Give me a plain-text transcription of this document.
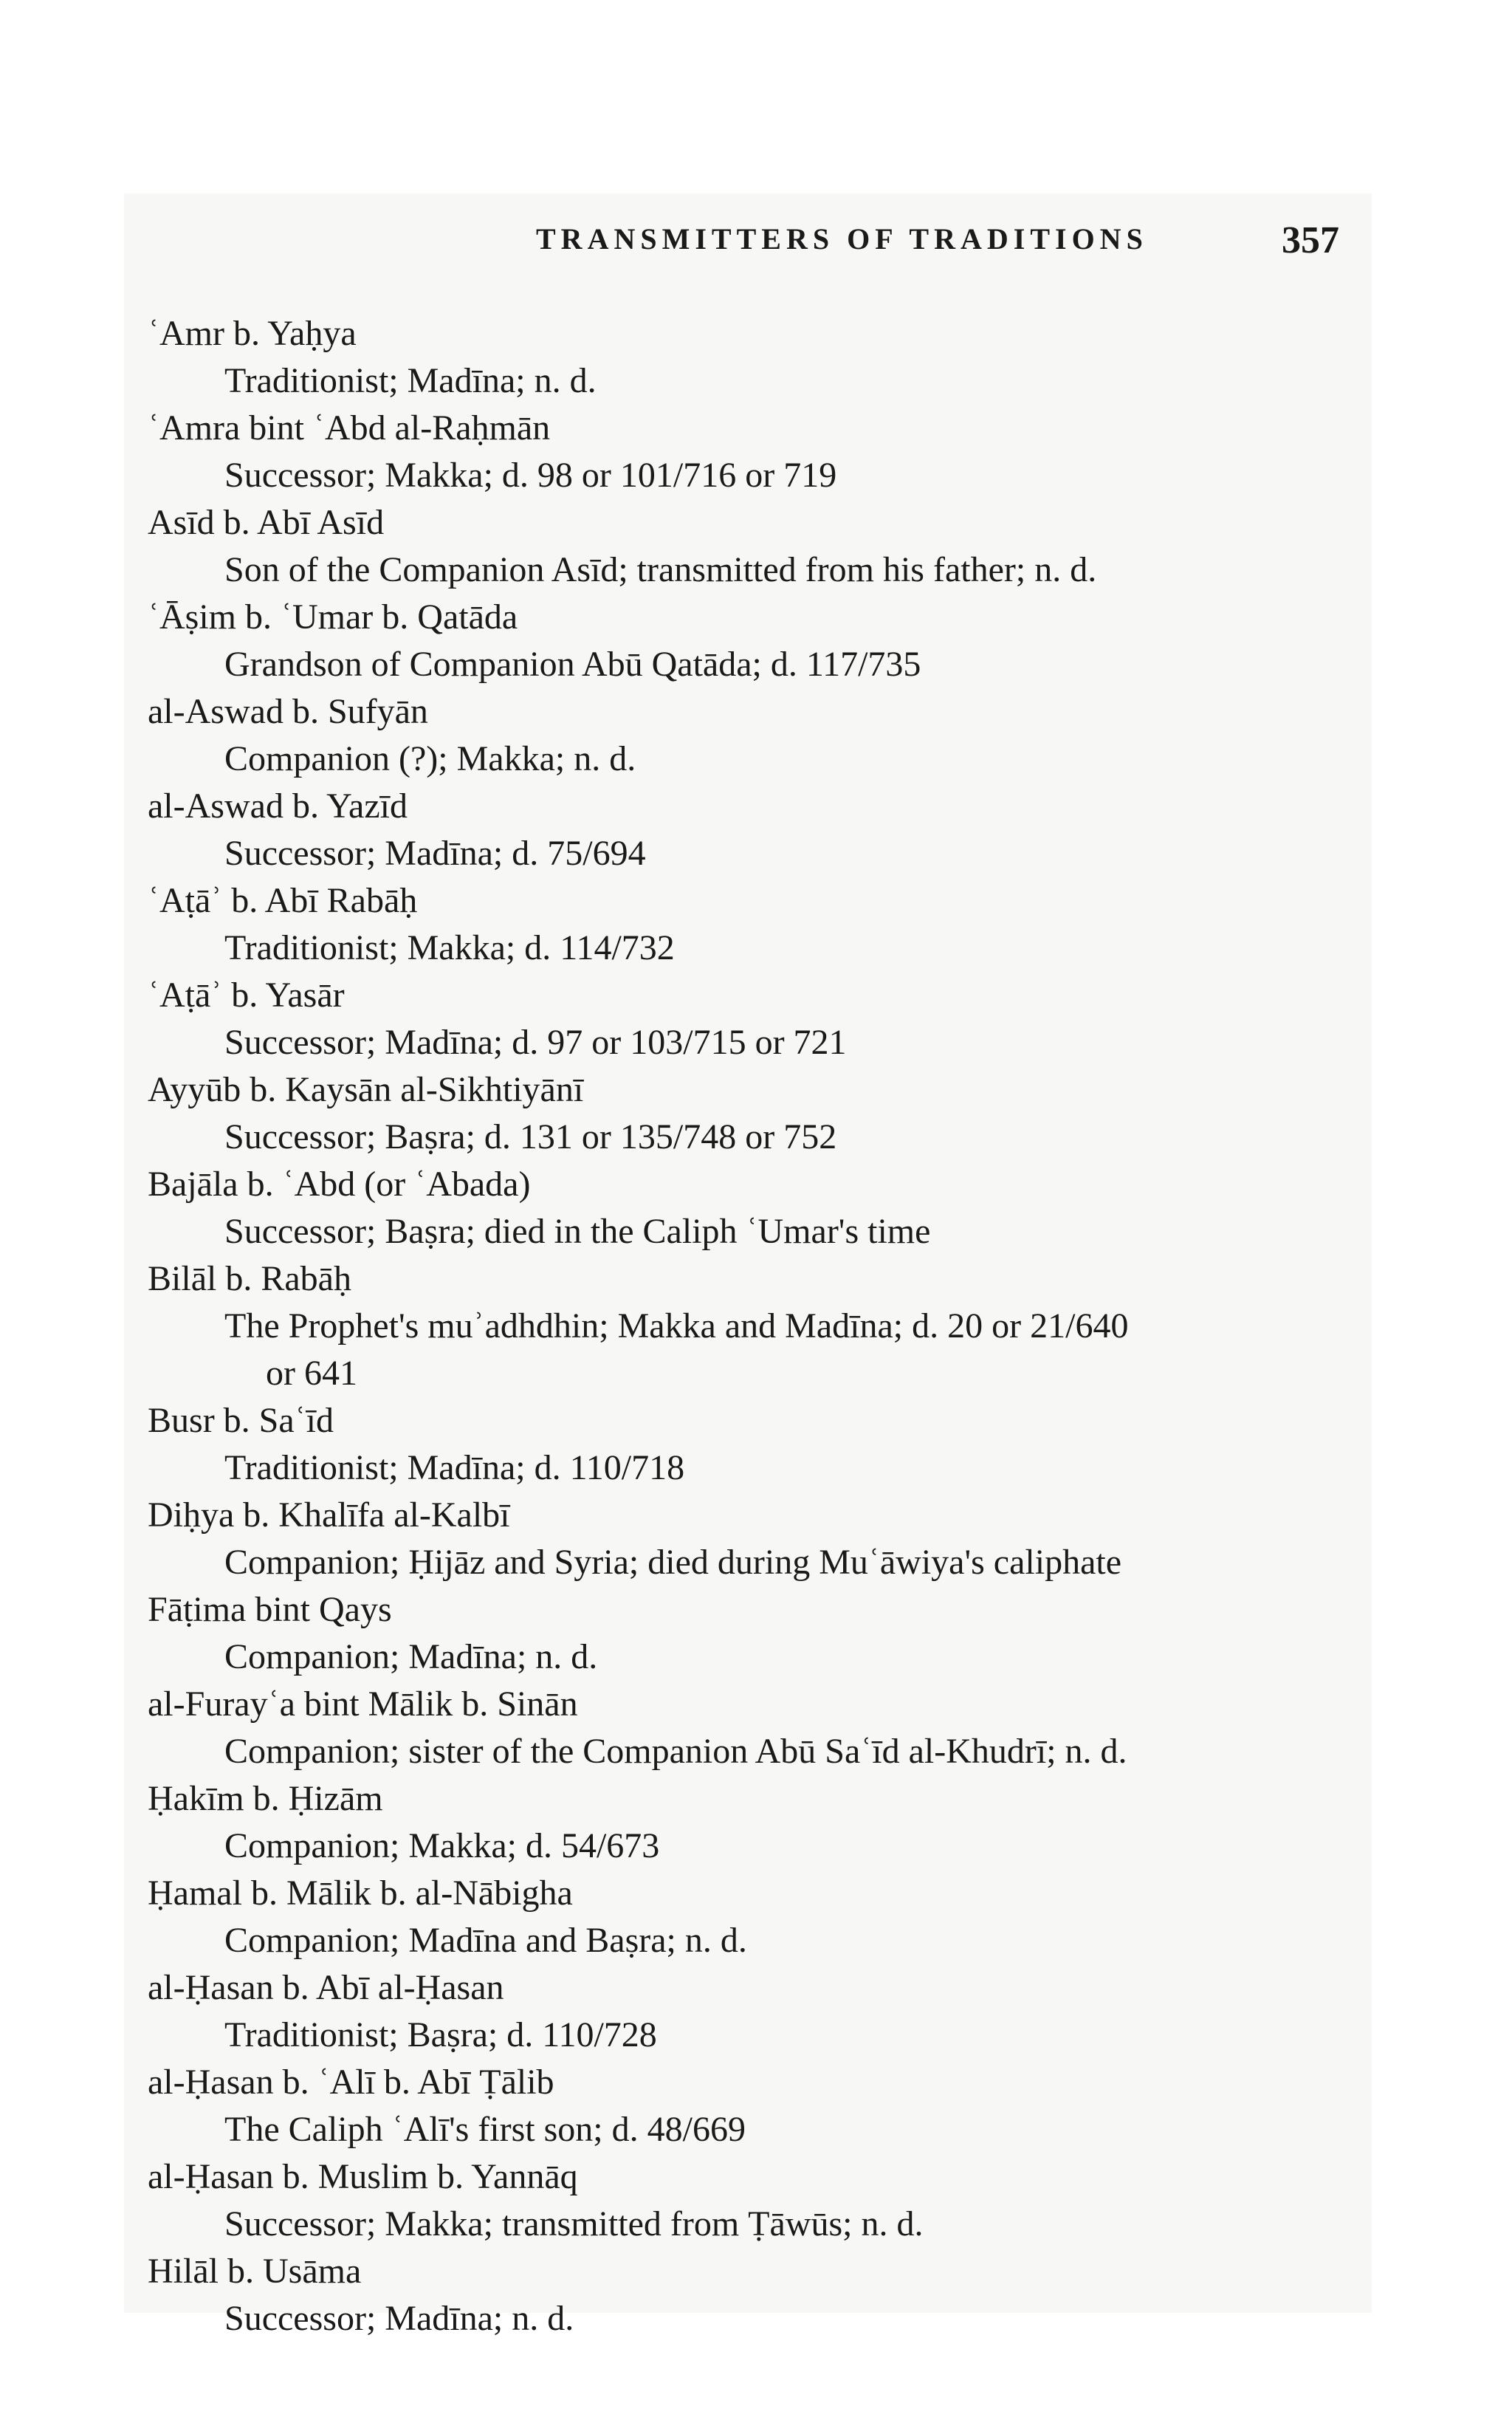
TRANSMITTERS OF TRADITIONS	357
ʿAmr b. Yaḥya
Traditionist; Madīna; n. d.
ʿAmra bint ʿAbd al-Raḥmān
Successor; Makka; d. 98 or 101/716 or 719
Asīd b. Abī Asīd
Son of the Companion Asīd; transmitted from his father; n. d.
ʿĀṣim b. ʿUmar b. Qatāda
Grandson of Companion Abū Qatāda; d. 117/735
al-Aswad b. Sufyān
Companion (?); Makka; n. d.
al-Aswad b. Yazīd
Successor; Madīna; d. 75/694
ʿAṭāʾ b. Abī Rabāḥ
Traditionist; Makka; d. 114/732
ʿAṭāʾ b. Yasār
Successor; Madīna; d. 97 or 103/715 or 721
Ayyūb b. Kaysān al-Sikhtiyānī
Successor; Baṣra; d. 131 or 135/748 or 752
Bajāla b. ʿAbd (or ʿAbada)
Successor; Baṣra; died in the Caliph ʿUmar's time
Bilāl b. Rabāḥ
The Prophet's muʾadhdhin; Makka and Madīna; d. 20 or 21/640
or 641
Busr b. Saʿīd
Traditionist; Madīna; d. 110/718
Diḥya b. Khalīfa al-Kalbī
Companion; Ḥijāz and Syria; died during Muʿāwiya's caliphate
Fāṭima bint Qays
Companion; Madīna; n. d.
al-Furayʿa bint Mālik b. Sinān
Companion; sister of the Companion Abū Saʿīd al-Khudrī; n. d.
Ḥakīm b. Ḥizām
Companion; Makka; d. 54/673
Ḥamal b. Mālik b. al-Nābigha
Companion; Madīna and Baṣra; n. d.
al-Ḥasan b. Abī al-Ḥasan
Traditionist; Baṣra; d. 110/728
al-Ḥasan b. ʿAlī b. Abī Ṭālib
The Caliph ʿAlī's first son; d. 48/669
al-Ḥasan b. Muslim b. Yannāq
Successor; Makka; transmitted from Ṭāwūs; n. d.
Hilāl b. Usāma
Successor; Madīna; n. d.
